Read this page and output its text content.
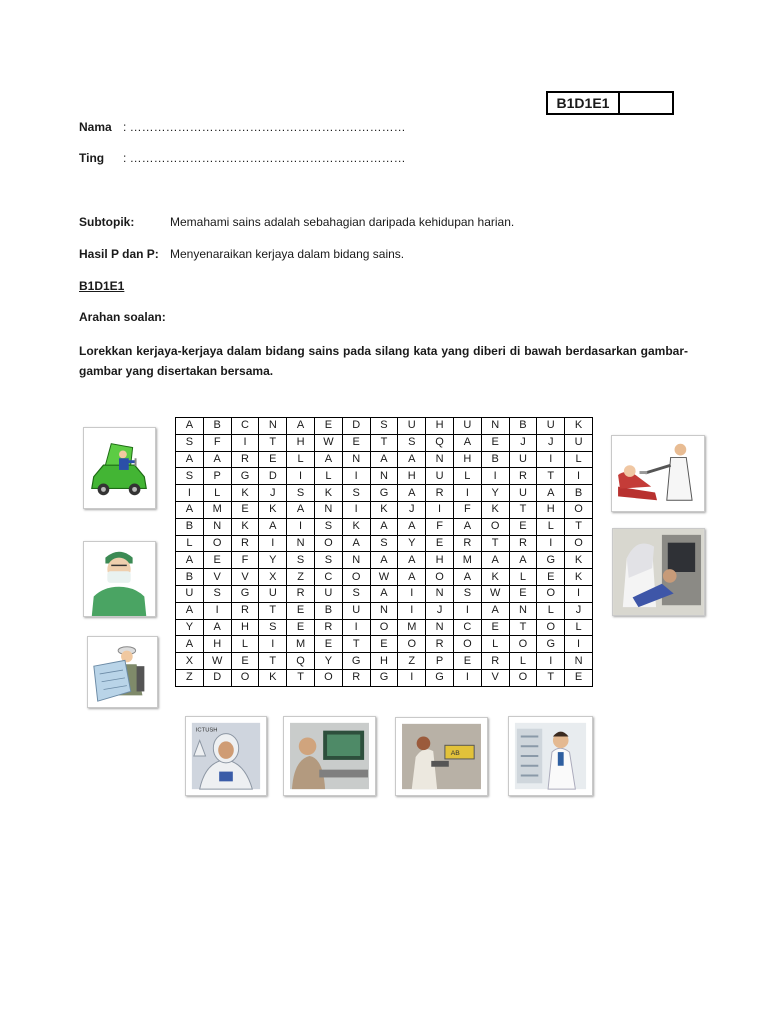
B1D1E1
Nama : ……………………………………………………………
Ting : ……………………………………………………………
Subtopik:	Memahami sains adalah sebahagian daripada kehidupan harian.
Hasil P dan P: Menyenaraikan kerjaya dalam bidang sains.
B1D1E1
Arahan soalan:
Lorekkan kerjaya-kerjaya dalam bidang sains pada silang kata yang diberi di bawah berdasarkan gambar-gambar yang disertakan bersama.
A	B	C	N	A	E	D	S	U	H	U	N	B	U	K
S	F	I	T	H	W	E	T	S	Q	A	E	J	J	U
A	A	R	E	L	A	N	A	A	N	H	B	U	I	L
S	P	G	D	I	L	I	N	H	U	L	I	R	T	I
I	L	K	J	S	K	S	G	A	R	I	Y	U	A	B
A	M	E	K	A	N	I	K	J	I	F	K	T	H	O
B	N	K	A	I	S	K	A	A	F	A	O	E	L	T
L	O	R	I	N	O	A	S	Y	E	R	T	R	I	O
A	E	F	Y	S	S	N	A	A	H	M	A	A	G	K
B	V	V	X	Z	C	O	W	A	O	A	K	L	E	K
U	S	G	U	R	U	S	A	I	N	S	W	E	O	I
A	I	R	T	E	B	U	N	I	J	I	A	N	L	J
Y	A	H	S	E	R	I	O	M	N	C	E	T	O	L
A	H	L	I	M	E	T	E	O	R	O	L	O	G	I
X	W	E	T	Q	Y	G	H	Z	P	E	R	L	I	N
Z	D	O	K	T	O	R	G	I	G	I	V	O	T	E
ICTUSH
AB
